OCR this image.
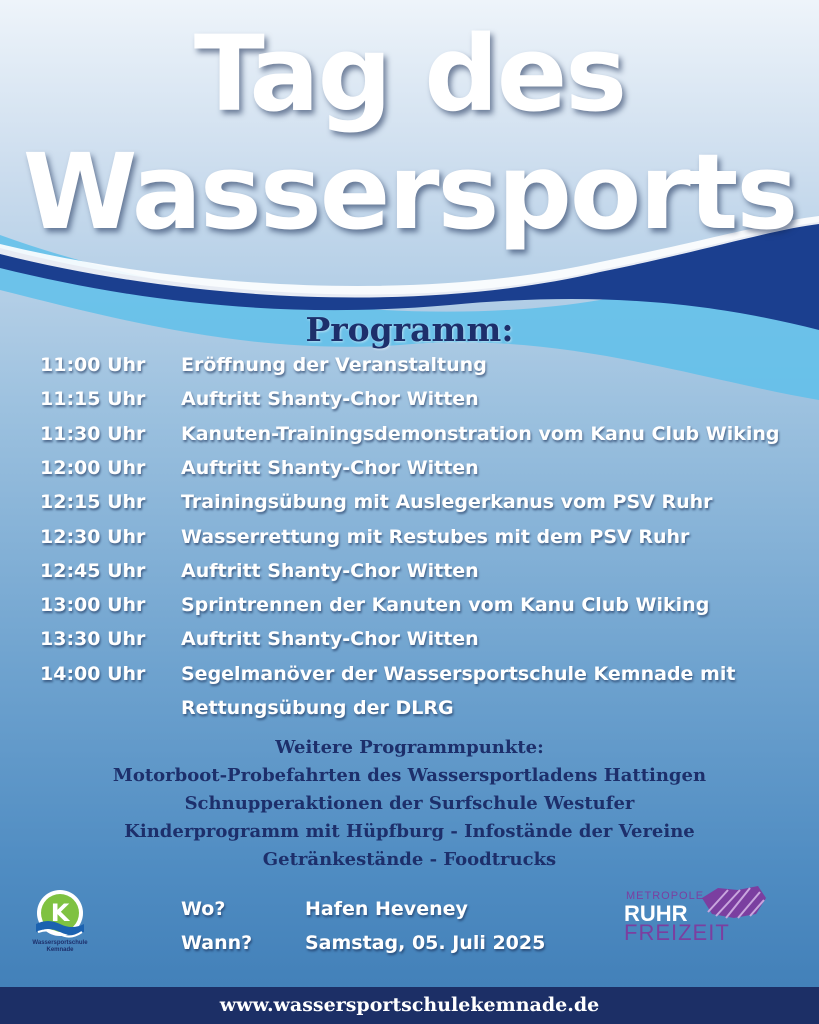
Tag des
Wassersports
Programm:
11:00 Uhr Eröffnung der Veranstaltung
11:15 Uhr Auftritt Shanty-Chor Witten
11:30 Uhr Kanuten-Trainingsdemonstration vom Kanu Club Wiking
12:00 Uhr Auftritt Shanty-Chor Witten
12:15 Uhr Trainingsübung mit Auslegerkanus vom PSV Ruhr
12:30 Uhr Wasserrettung mit Restubes mit dem PSV Ruhr
12:45 Uhr Auftritt Shanty-Chor Witten
13:00 Uhr Sprintrennen der Kanuten vom Kanu Club Wiking
13:30 Uhr Auftritt Shanty-Chor Witten
14:00 Uhr Segelmanöver der Wassersportschule Kemnade mit
Rettungsübung der DLRG
Weitere Programmpunkte:
Motorboot-Probefahrten des Wassersportladens Hattingen
Schnupperaktionen der Surfschule Westufer
Kinderprogramm mit Hüpfburg - Infostände der Vereine
Getränkestände - Foodtrucks
K
Wassersportschule
Kemnade
Wo?	Hafen Heveney
Wann?	Samstag, 05. Juli 2025
METROPOLE
RUHR
FREIZEIT
www.wassersportschulekemnade.de
